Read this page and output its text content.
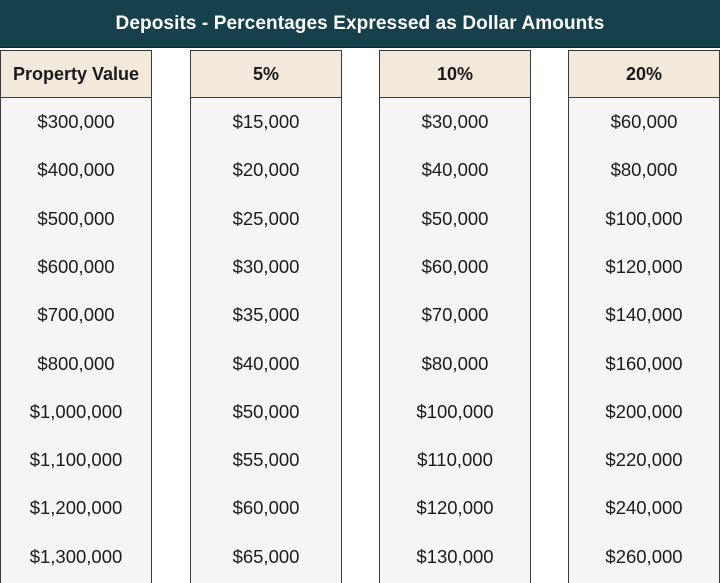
Deposits - Percentages Expressed as Dollar Amounts
Property Value
$300,000
$400,000
$500,000
$600,000
$700,000
$800,000
$1,000,000
$1,100,000
$1,200,000
$1,300,000
5%
$15,000
$20,000
$25,000
$30,000
$35,000
$40,000
$50,000
$55,000
$60,000
$65,000
10%
$30,000
$40,000
$50,000
$60,000
$70,000
$80,000
$100,000
$110,000
$120,000
$130,000
20%
$60,000
$80,000
$100,000
$120,000
$140,000
$160,000
$200,000
$220,000
$240,000
$260,000
